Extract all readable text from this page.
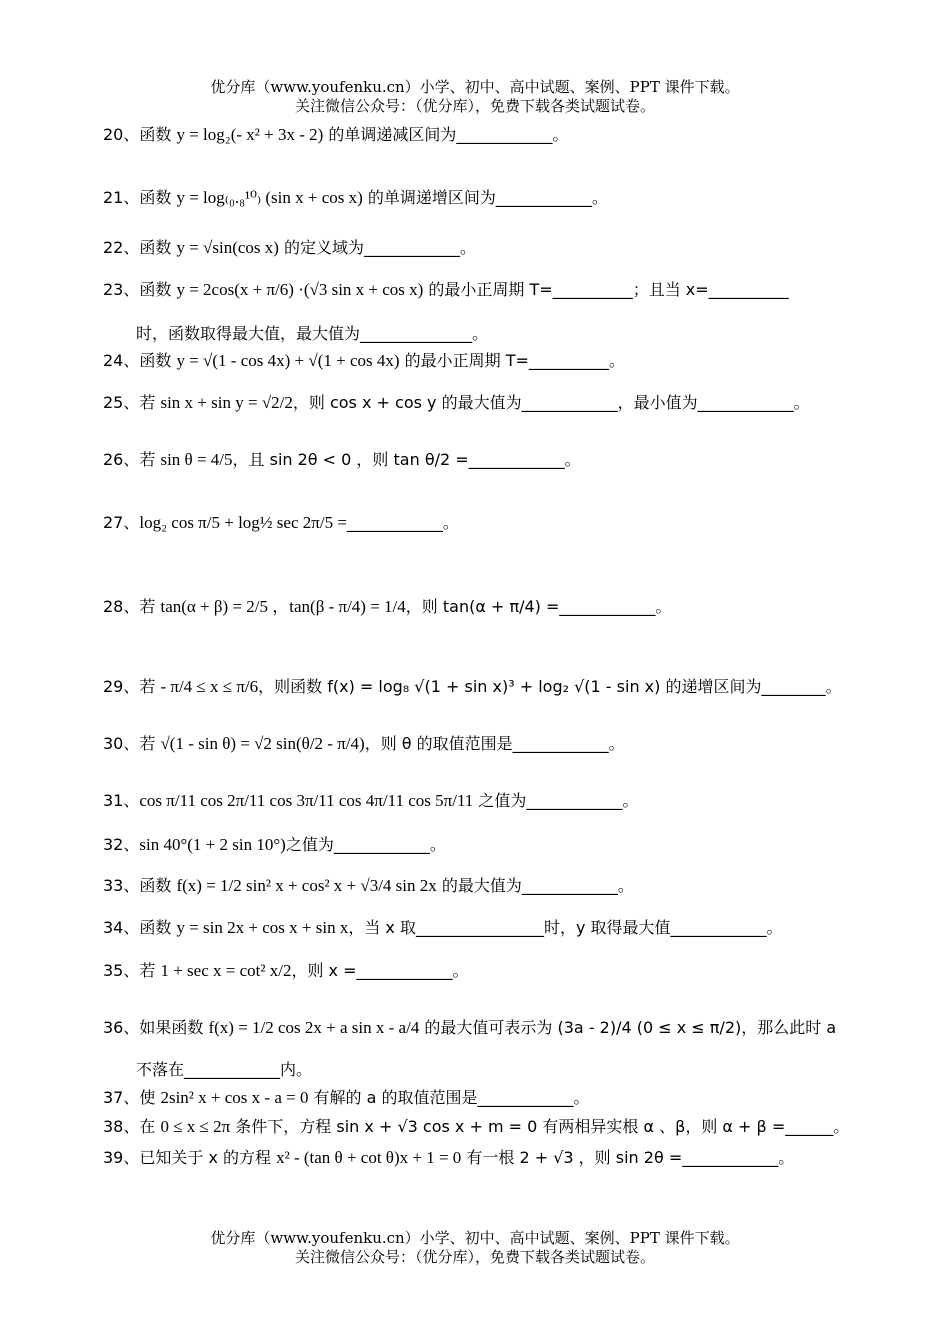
优分库（www.youfenku.cn）小学、初中、高中试题、案例、PPT 课件下载。
关注微信公众号：（优分库），免费下载各类试题试卷。
20、函数 y = log₂(- x² + 3x - 2) 的单调递减区间为____________。
21、函数 y = log₍₀.₈¹⁰₎ (sin x + cos x) 的单调递增区间为____________。
22、函数 y = √sin(cos x) 的定义域为____________。
23、函数 y = 2cos(x + π/6) ·(√3 sin x + cos x) 的最小正周期 T=__________；且当 x=__________
时，函数取得最大值，最大值为______________。
24、函数 y = √(1 - cos 4x) + √(1 + cos 4x) 的最小正周期 T=__________。
25、若 sin x + sin y = √2/2，则 cos x + cos y 的最大值为____________，最小值为____________。
26、若 sin θ = 4/5，且 sin 2θ < 0 ，则 tan θ/2 =____________。
27、log₂ cos π/5 + log½ sec 2π/5 =____________。
28、若 tan(α + β) = 2/5 ，tan(β - π/4) = 1/4，则 tan(α + π/4) =____________。
29、若 - π/4 ≤ x ≤ π/6，则函数 f(x) = log₈ √(1 + sin x)³ + log₂ √(1 - sin x) 的递增区间为________。
30、若 √(1 - sin θ) = √2 sin(θ/2 - π/4)，则 θ 的取值范围是____________。
31、cos π/11 cos 2π/11 cos 3π/11 cos 4π/11 cos 5π/11 之值为____________。
32、sin 40°(1 + 2 sin 10°)之值为____________。
33、函数 f(x) = 1/2 sin² x + cos² x + √3/4 sin 2x 的最大值为____________。
34、函数 y = sin 2x + cos x + sin x，当 x 取________________时，y 取得最大值____________。
35、若 1 + sec x = cot² x/2，则 x =____________。
36、如果函数 f(x) = 1/2 cos 2x + a sin x - a/4 的最大值可表示为 (3a - 2)/4 (0 ≤ x ≤ π/2)，那么此时 a
不落在____________内。
37、使 2sin² x + cos x - a = 0 有解的 a 的取值范围是____________。
38、在 0 ≤ x ≤ 2π 条件下，方程 sin x + √3 cos x + m = 0 有两相异实根 α 、β，则 α + β =______。
39、已知关于 x 的方程 x² - (tan θ + cot θ)x + 1 = 0 有一根 2 + √3 ，则 sin 2θ =____________。
优分库（www.youfenku.cn）小学、初中、高中试题、案例、PPT 课件下载。
关注微信公众号：（优分库），免费下载各类试题试卷。
